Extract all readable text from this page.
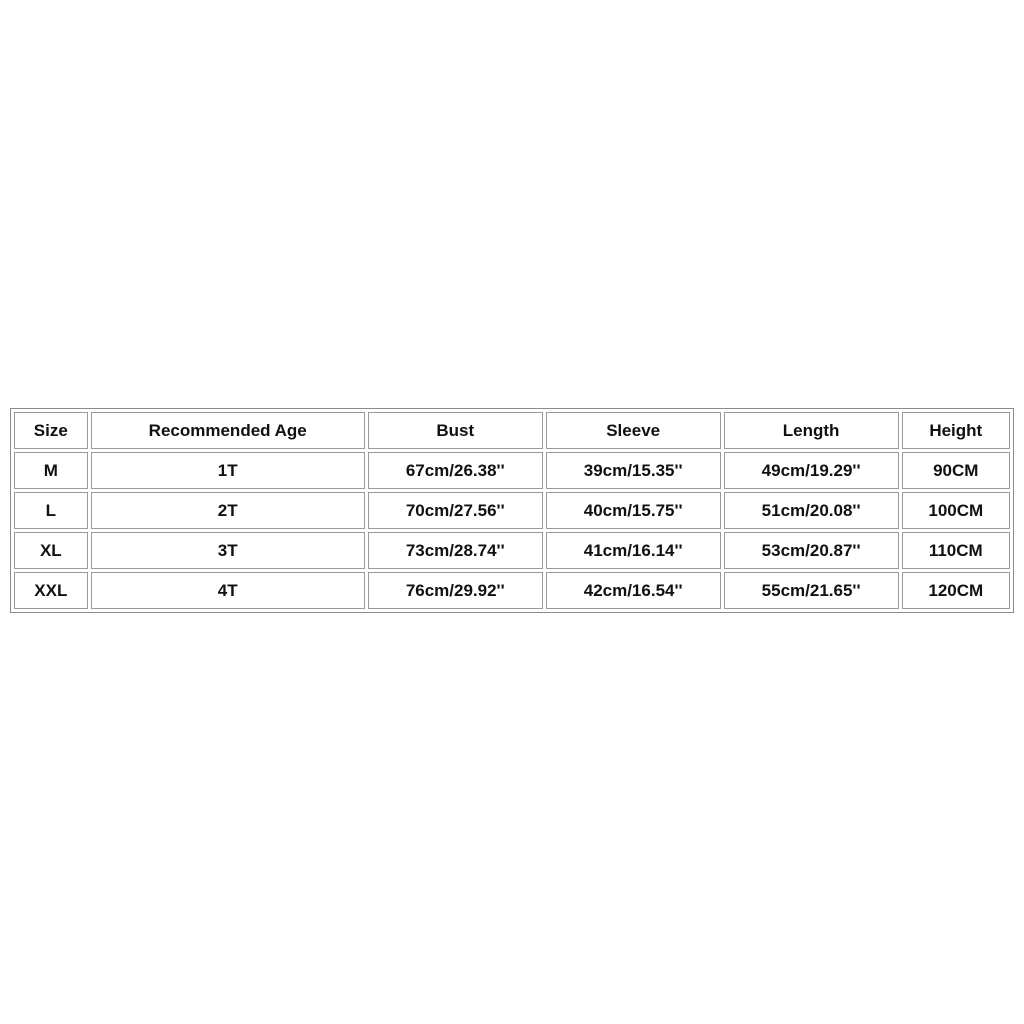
Size	Recommended Age	Bust	Sleeve	Length	Height
M	1T	67cm/26.38''	39cm/15.35''	49cm/19.29''	90CM
L	2T	70cm/27.56''	40cm/15.75''	51cm/20.08''	100CM
XL	3T	73cm/28.74''	41cm/16.14''	53cm/20.87''	110CM
XXL	4T	76cm/29.92''	42cm/16.54''	55cm/21.65''	120CM
